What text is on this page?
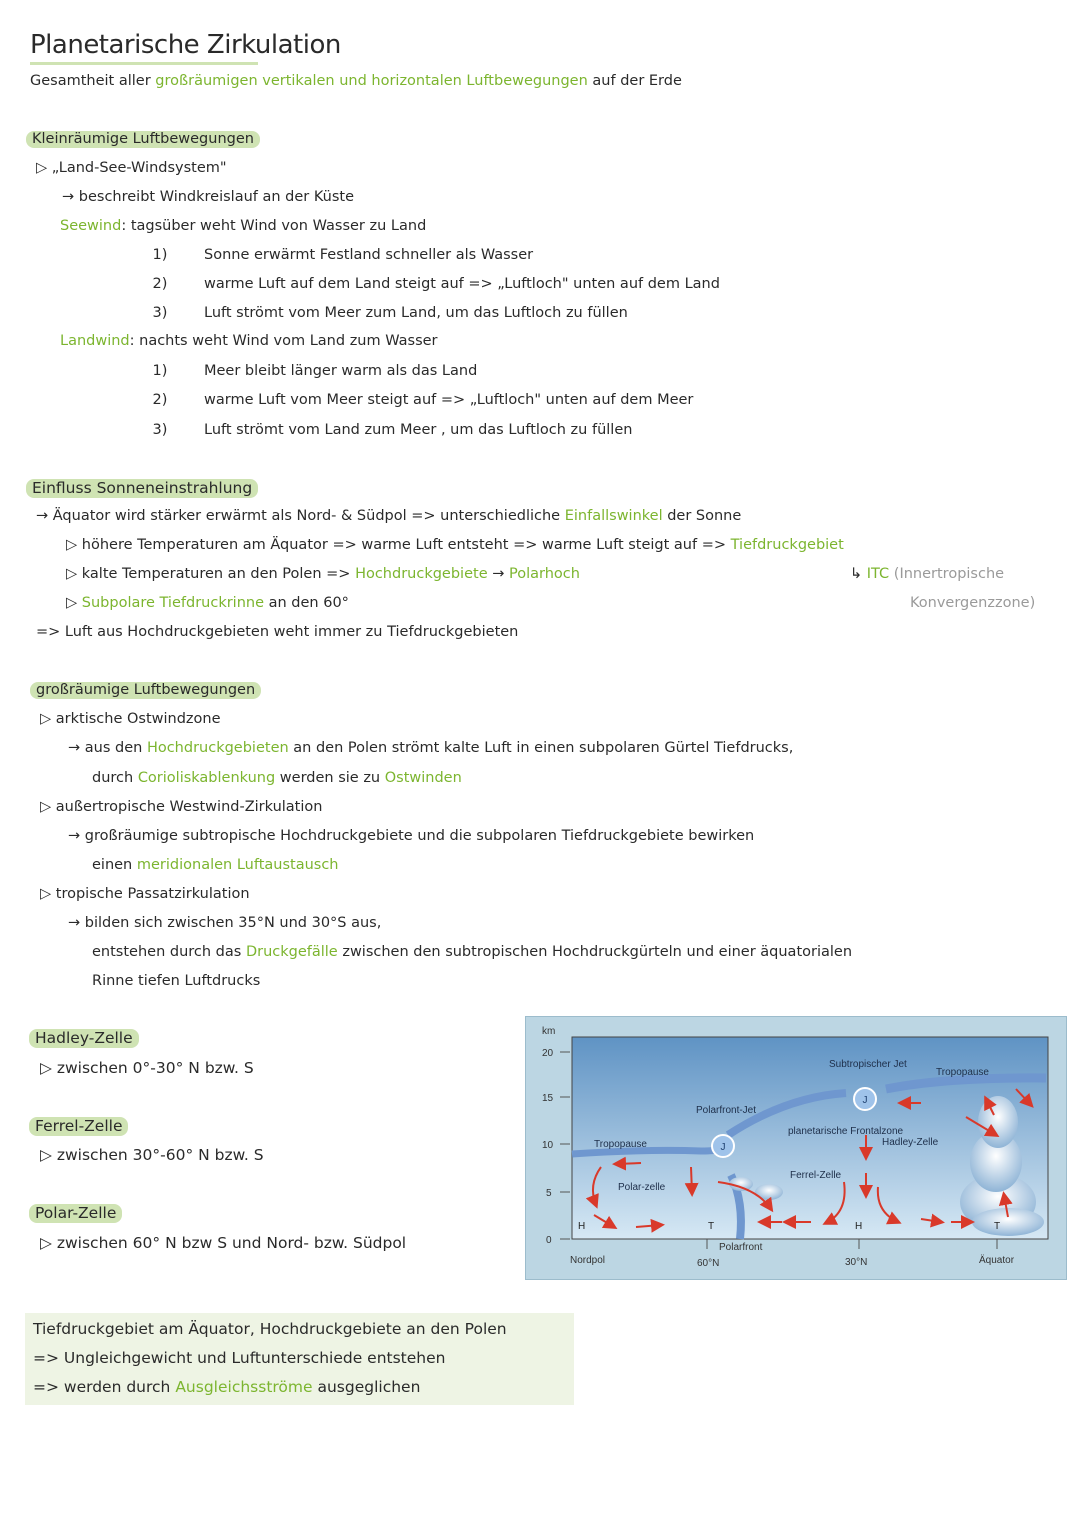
Planetarische Zirkulation
Gesamtheit aller großräumigen vertikalen und horizontalen Luftbewegungen auf der Erde
Kleinräumige Luftbewegungen
▷ „Land-See-Windsystem"
→ beschreibt Windkreislauf an der Küste
Seewind: tagsüber weht Wind von Wasser zu Land
1)	Sonne erwärmt Festland schneller als Wasser
2)	warme Luft auf dem Land steigt auf => „Luftloch" unten auf dem Land
3)	Luft strömt vom Meer zum Land, um das Luftloch zu füllen
Landwind: nachts weht Wind vom Land zum Wasser
1)	Meer bleibt länger warm als das Land
2)	warme Luft vom Meer steigt auf => „Luftloch" unten auf dem Meer
3)	Luft strömt vom Land zum Meer , um das Luftloch zu füllen
Einfluss Sonneneinstrahlung
→ Äquator wird stärker erwärmt als Nord- & Südpol => unterschiedliche Einfallswinkel der Sonne
▷ höhere Temperaturen am Äquator => warme Luft entsteht => warme Luft steigt auf => Tiefdruckgebiet
▷ kalte Temperaturen an den Polen => Hochdruckgebiete → Polarhoch	↳ ITC (Innertropische
Konvergenzzone)
▷ Subpolare Tiefdruckrinne an den 60°
=> Luft aus Hochdruckgebieten weht immer zu Tiefdruckgebieten
großräumige Luftbewegungen
▷ arktische Ostwindzone
→ aus den Hochdruckgebieten an den Polen strömt kalte Luft in einen subpolaren Gürtel Tiefdrucks,
durch Corioliskablenkung werden sie zu Ostwinden
▷ außertropische Westwind-Zirkulation
→ großräumige subtropische Hochdruckgebiete und die subpolaren Tiefdruckgebiete bewirken
einen meridionalen Luftaustausch
▷ tropische Passatzirkulation
→ bilden sich zwischen 35°N und 30°S aus,
entstehen durch das Druckgefälle zwischen den subtropischen Hochdruckgürteln und einer äquatorialen
Rinne tiefen Luftdrucks
Hadley-Zelle
▷ zwischen 0°-30° N bzw. S
Ferrel-Zelle
▷ zwischen 30°-60° N bzw. S
Polar-Zelle
▷ zwischen 60° N bzw S und Nord- bzw. Südpol
km
20
15
10
5
0
J
J
H	T	H	T
Tropopause
Tropopause
Polarfront-Jet
Subtropischer Jet
planetarische Frontalzone
Ferrel-Zelle
Polar-zelle
Hadley-Zelle
Polarfront
Nordpol	60°N	30°N	Äquator
Tiefdruckgebiet am Äquator, Hochdruckgebiete an den Polen
=> Ungleichgewicht und Luftunterschiede entstehen
=> werden durch Ausgleichsströme ausgeglichen
